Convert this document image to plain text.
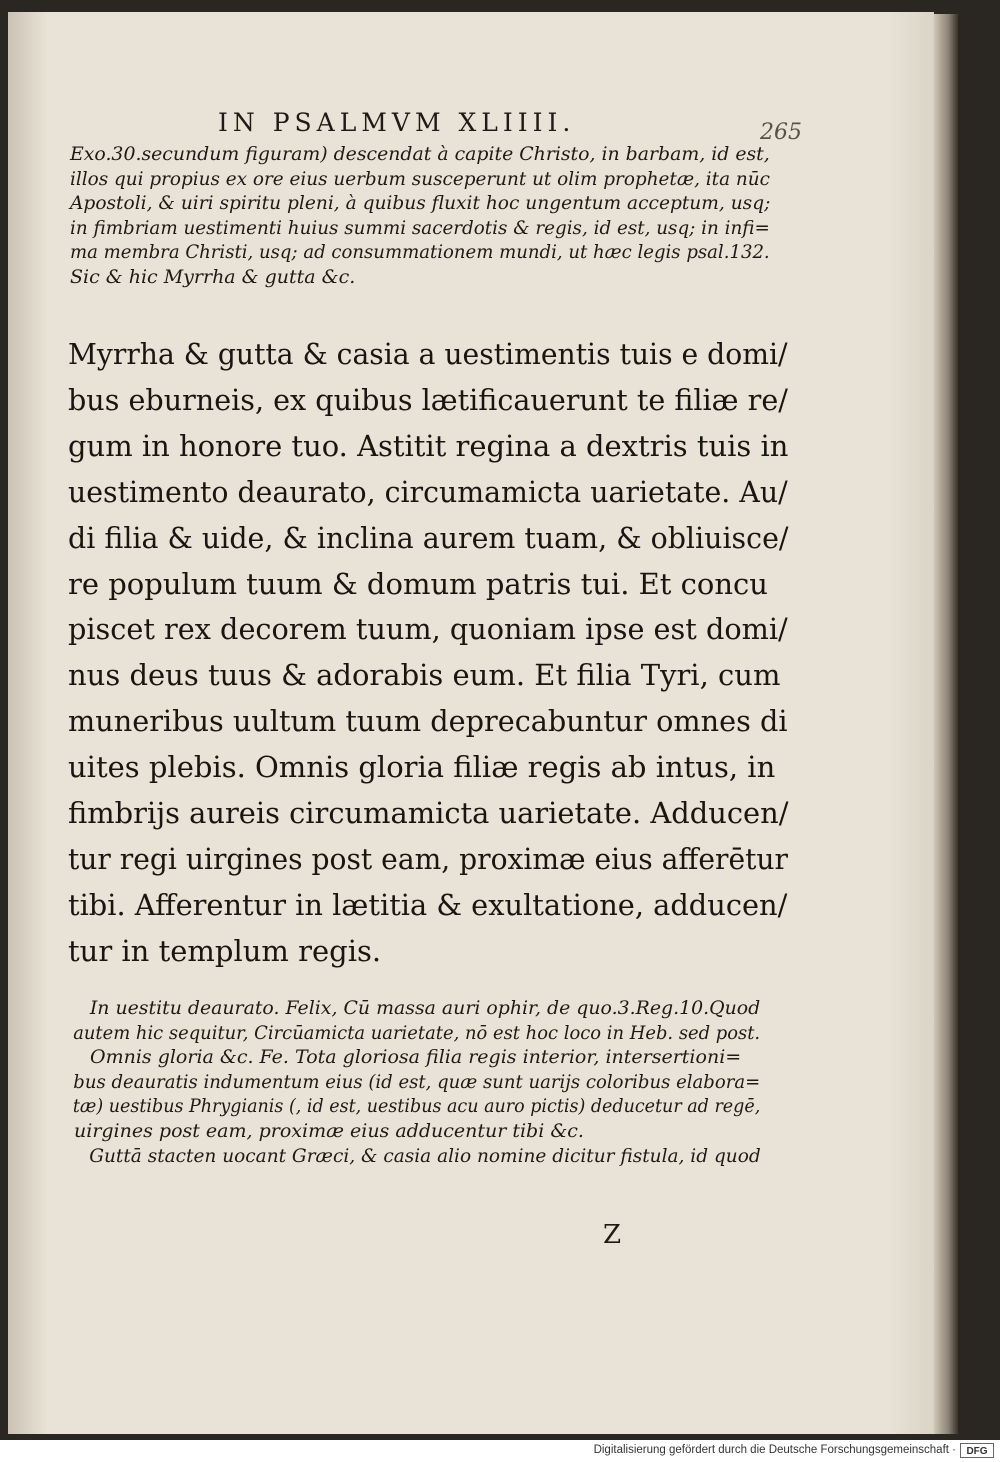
IN PSALMVM XLIIII.	265
Exo.30.secundum figuram) descendat à capite Christo, in barbam, id est,
illos qui propius ex ore eius uerbum susceperunt ut olim prophetæ, ita nūc
Apostoli, & uiri spiritu pleni, à quibus fluxit hoc ungentum acceptum, usq;
in fimbriam uestimenti huius summi sacerdotis & regis, id est, usq; in infi=
ma membra Christi, usq; ad consummationem mundi, ut hæc legis psal.132.
Sic & hic Myrrha & gutta &c.
Myrrha & gutta & casia a uestimentis tuis e domi/
bus eburneis, ex quibus lætificauerunt te filiæ re/
gum in honore tuo. Astitit regina a dextris tuis in
uestimento deaurato, circumamicta uarietate. Au/
di filia & uide, & inclina aurem tuam, & obliuisce/
re populum tuum & domum patris tui. Et concu
piscet rex decorem tuum, quoniam ipse est domi/
nus deus tuus & adorabis eum. Et filia Tyri, cum
muneribus uultum tuum deprecabuntur omnes di
uites plebis. Omnis gloria filiæ regis ab intus, in
fimbrijs aureis circumamicta uarietate. Adducen/
tur regi uirgines post eam, proximæ eius afferētur
tibi. Afferentur in lætitia & exultatione, adducen/
tur in templum regis.
In uestitu deaurato. Felix, Cū massa auri ophir, de quo.3.Reg.10.Quod
autem hic sequitur, Circūamicta uarietate, nō est hoc loco in Heb. sed post.
Omnis gloria &c. Fe. Tota gloriosa filia regis interior, intersertioni=
bus deauratis indumentum eius (id est, quæ sunt uarijs coloribus elabora=
tæ) uestibus Phrygianis (, id est, uestibus acu auro pictis) deducetur ad regē,
uirgines post eam, proximæ eius adducentur tibi &c.
Guttā stacten uocant Græci, & casia alio nomine dicitur fistula, id quod
Z
Digitalisierung gefördert durch die Deutsche Forschungsgemeinschaft ·	DFG
